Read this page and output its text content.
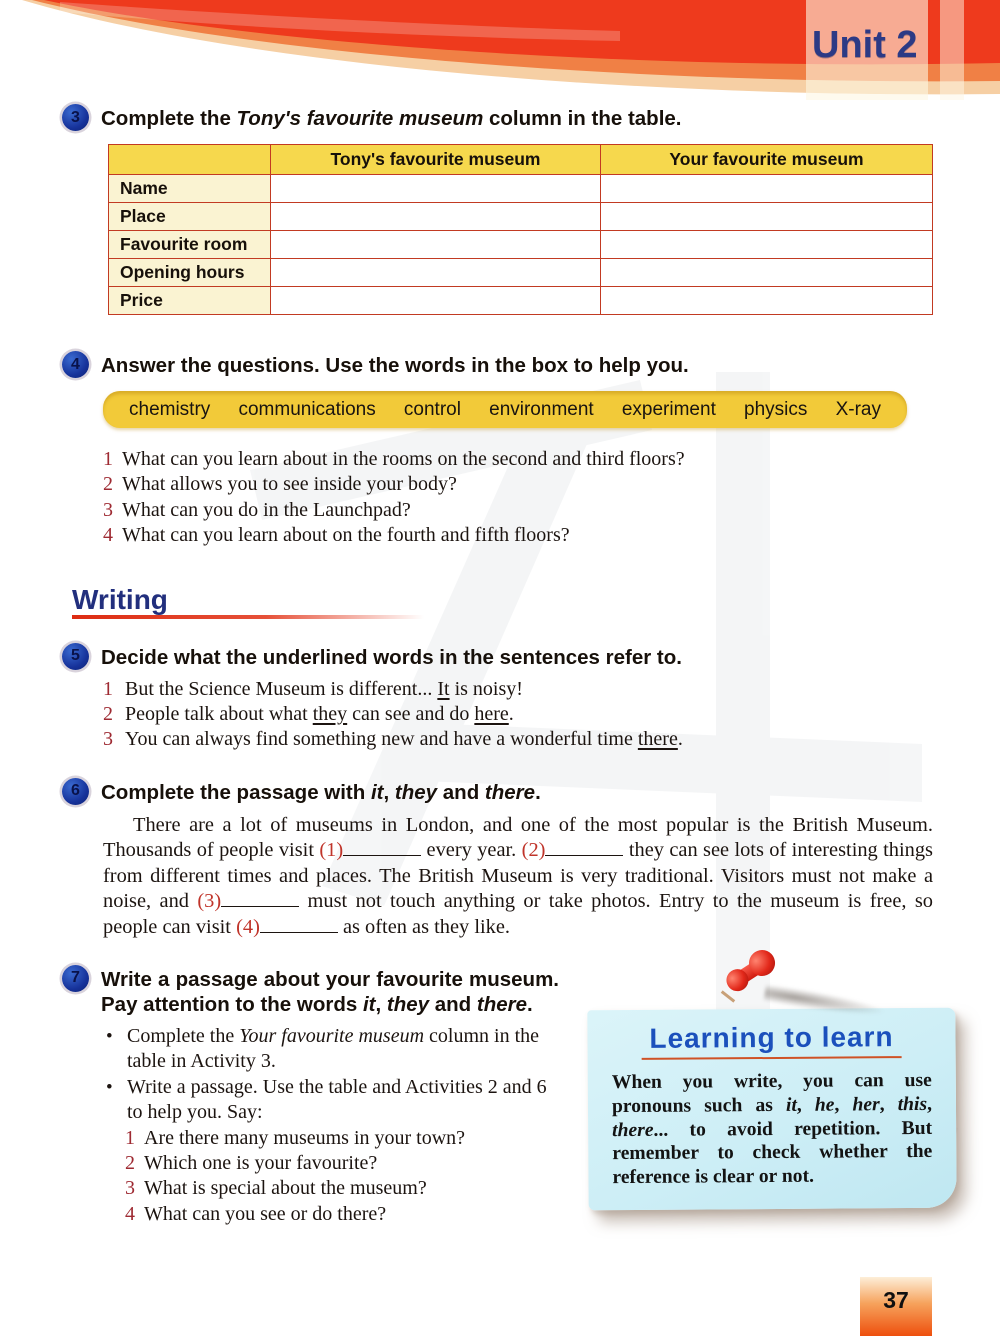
Unit 2
3	Complete the Tony's favourite museum column in the table.
	Tony's favourite museum	Your favourite museum
Name		
Place		
Favourite room		
Opening hours		
Price		
4	Answer the questions. Use the words in the box to help you.
chemistry communications control environment experiment physics X-ray
1 What can you learn about in the rooms on the second and third floors?
2 What allows you to see inside your body?
3 What can you do in the Launchpad?
4 What can you learn about on the fourth and fifth floors?
Writing
5	Decide what the underlined words in the sentences refer to.
1 But the Science Museum is different... It is noisy!
2 People talk about what they can see and do here.
3 You can always find something new and have a wonderful time there.
6	Complete the passage with it, they and there.
There are a lot of museums in London, and one of the most popular is the British Museum. Thousands of people visit (1)	every year. (2)	they can see lots of interesting things from different times and places. The British Museum is very traditional. Visitors must not make a noise, and (3)	must not touch anything or take photos. Entry to the museum is free, so people can visit (4)	as often as they like.
7	Write a passage about your favourite museum. Pay attention to the words it, they and there.
• Complete the Your favourite museum column in the table in Activity 3.
• Write a passage. Use the table and Activities 2 and 6 to help you. Say:
1 Are there many museums in your town?
2 Which one is your favourite?
3 What is special about the museum?
4 What can you see or do there?
Learning to learn
When you write, you can use pronouns such as it, he, her, this, there... to avoid repetition. But remember to check whether the reference is clear or not.
37
